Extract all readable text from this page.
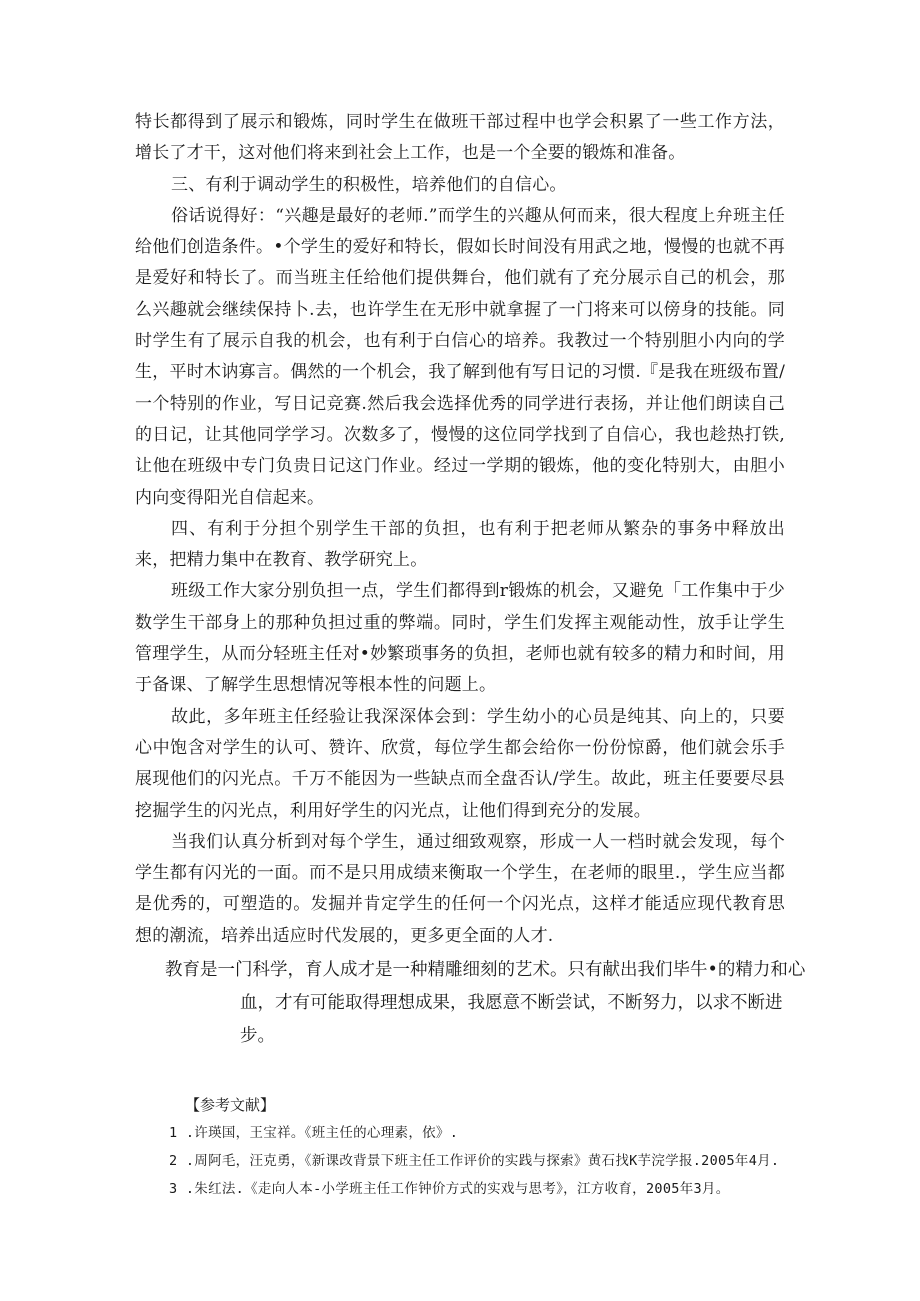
特长都得到了展示和锻炼，同时学生在做班干部过程中也学会积累了一些工作方法，增长了才干，这对他们将来到社会上工作，也是一个全要的锻炼和准备。

三、有利于调动学生的积极性，培养他们的自信心。

俗话说得好：“兴趣是最好的老师.”而学生的兴趣从何而来，很大程度上弁班主任给他们创造条件。•个学生的爱好和特长，假如长时间没有用武之地，慢慢的也就不再是爱好和特长了。而当班主任给他们提供舞台，他们就有了充分展示自己的机会，那么兴趣就会继续保持卜.去，也许学生在无形中就拿握了一门将来可以傍身的技能。同时学生有了展示自我的机会，也有利于白信心的培养。我教过一个特别胆小内向的学生，平时木讷寡言。偶然的一个机会，我了解到他有写日记的习惯.『是我在班级布置/一个特别的作业，写日记竞赛.然后我会选择优秀的同学进行表扬，并让他们朗读自己的日记，让其他同学学习。次数多了，慢慢的这位同学找到了自信心，我也趁热打铁,让他在班级中专门负贵日记这门作业。经过一学期的锻炼，他的变化特别大，由胆小内向变得阳光自信起来。

四、有利于分担个别学生干部的负担，也有利于把老师从繁杂的事务中释放出来，把精力集中在教育、教学研究上。

班级工作大家分别负担一点，学生们都得到r锻炼的机会，又避免「工作集中于少数学生干部身上的那种负担过重的弊端。同时，学生们发挥主观能动性，放手让学生管理学生，从而分轻班主任对•妙繁琐事务的负担，老师也就有较多的精力和时间，用于备课、了解学生思想情况等根本性的问题上。

故此，多年班主任经验让我深深体会到：学生幼小的心员是纯其、向上的，只要心中饱含对学生的认可、赞许、欣赏，每位学生都会给你一份份惊爵，他们就会乐手展现他们的闪光点。千万不能因为一些缺点而全盘否认/学生。故此，班主任要要尽县挖掘学生的闪光点，利用好学生的闪光点，让他们得到充分的发展。

当我们认真分析到对每个学生，通过细致观察，形成一人一档时就会发现，每个学生都有闪光的一面。而不是只用成绩来衡取一个学生，在老师的眼里.，学生应当都是优秀的，可塑造的。发掘并肯定学生的任何一个闪光点，这样才能适应现代教育思想的潮流，培养出适应时代发展的，更多更全面的人才.

教育是一门科学，育人成才是一种精雕细刻的艺术。只有献出我们毕牛•的精力和心

血，才有可能取得理想成果，我愿意不断尝试，不断努力，以求不断进步。

【参考文献】

1 .许瑛国，王宝祥。《班主任的心理素，依》.

2 .周阿毛，汪克勇，《新课改背景下班主任工作评价的实践与探索》黄石找K芋浣学报.2005年4月.

3 .朱红法.《走向人本-小学班主任工作钟价方式的实戏与思考》，江方收育，2005年3月。
